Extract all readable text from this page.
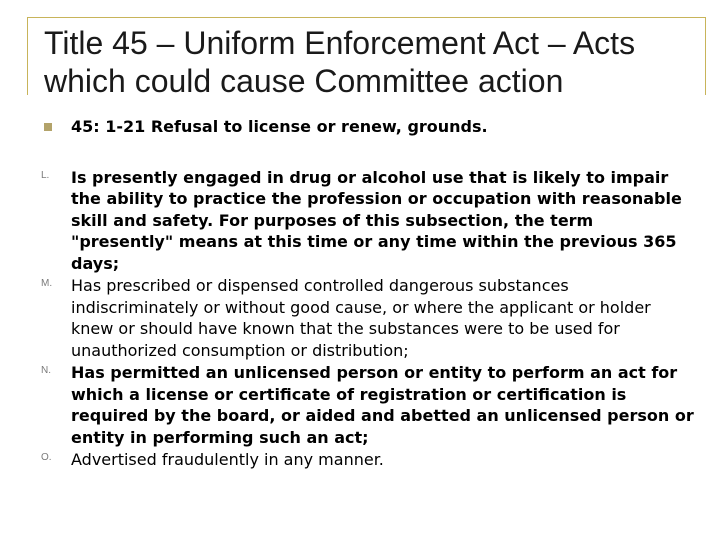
Title 45 – Uniform Enforcement Act – Acts which could cause Committee action
45: 1-21 Refusal to license or renew, grounds.
L. Is presently engaged in drug or alcohol use that is likely to impair the ability to practice the profession or occupation with reasonable skill and safety. For purposes of this subsection, the term "presently" means at this time or any time within the previous 365 days;
M. Has prescribed or dispensed controlled dangerous substances indiscriminately or without good cause, or where the applicant or holder knew or should have known that the substances were to be used for unauthorized consumption or distribution;
N. Has permitted an unlicensed person or entity to perform an act for which a license or certificate of registration or certification is required by the board, or aided and abetted an unlicensed person or entity in performing such an act;
O. Advertised fraudulently in any manner.
